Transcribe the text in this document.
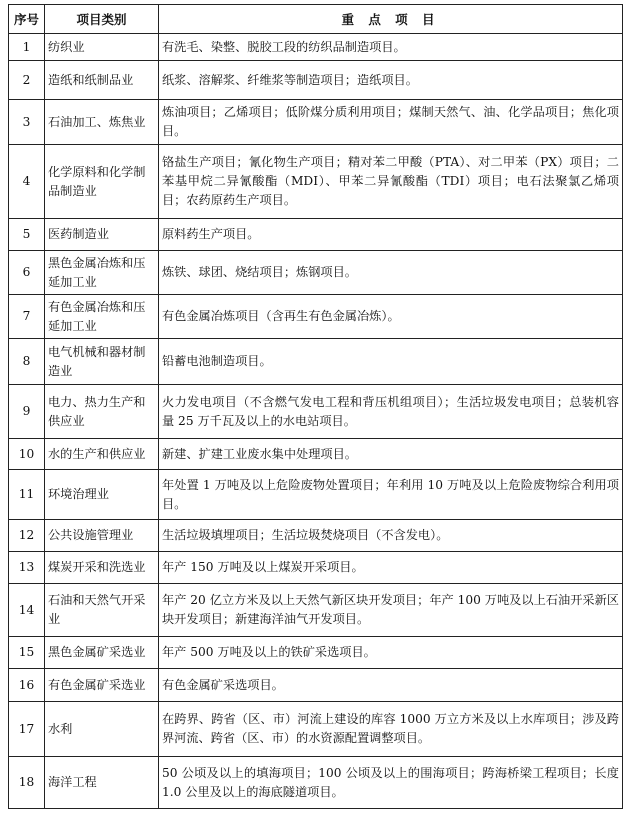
序号	项目类别	重 点 项 目
1	纺织业	有洗毛、染整、脱胶工段的纺织品制造项目。
2	造纸和纸制品业	纸浆、溶解浆、纤维浆等制造项目；造纸项目。
3	石油加工、炼焦业	炼油项目；乙烯项目；低阶煤分质利用项目；煤制天然气、油、化学品项目；焦化项目。
4	化学原料和化学制品制造业	铬盐生产项目；氰化物生产项目；精对苯二甲酸（PTA）、对二甲苯（PX）项目；二苯基甲烷二异氰酸酯（MDI）、甲苯二异氰酸酯（TDI）项目；电石法聚氯乙烯项目；农药原药生产项目。
5	医药制造业	原料药生产项目。
6	黑色金属冶炼和压延加工业	炼铁、球团、烧结项目；炼钢项目。
7	有色金属冶炼和压延加工业	有色金属冶炼项目（含再生有色金属冶炼）。
8	电气机械和器材制造业	铅蓄电池制造项目。
9	电力、热力生产和供应业	火力发电项目（不含燃气发电工程和背压机组项目）；生活垃圾发电项目；总装机容量 25 万千瓦及以上的水电站项目。
10	水的生产和供应业	新建、扩建工业废水集中处理项目。
11	环境治理业	年处置 1 万吨及以上危险废物处置项目；年利用 10 万吨及以上危险废物综合利用项目。
12	公共设施管理业	生活垃圾填埋项目；生活垃圾焚烧项目（不含发电）。
13	煤炭开采和洗选业	年产 150 万吨及以上煤炭开采项目。
14	石油和天然气开采业	年产 20 亿立方米及以上天然气新区块开发项目；年产 100 万吨及以上石油开采新区块开发项目；新建海洋油气开发项目。
15	黑色金属矿采选业	年产 500 万吨及以上的铁矿采选项目。
16	有色金属矿采选业	有色金属矿采选项目。
17	水利	在跨界、跨省（区、市）河流上建设的库容 1000 万立方米及以上水库项目；涉及跨界河流、跨省（区、市）的水资源配置调整项目。
18	海洋工程	50 公顷及以上的填海项目；100 公顷及以上的围海项目；跨海桥梁工程项目；长度 1.0 公里及以上的海底隧道项目。
